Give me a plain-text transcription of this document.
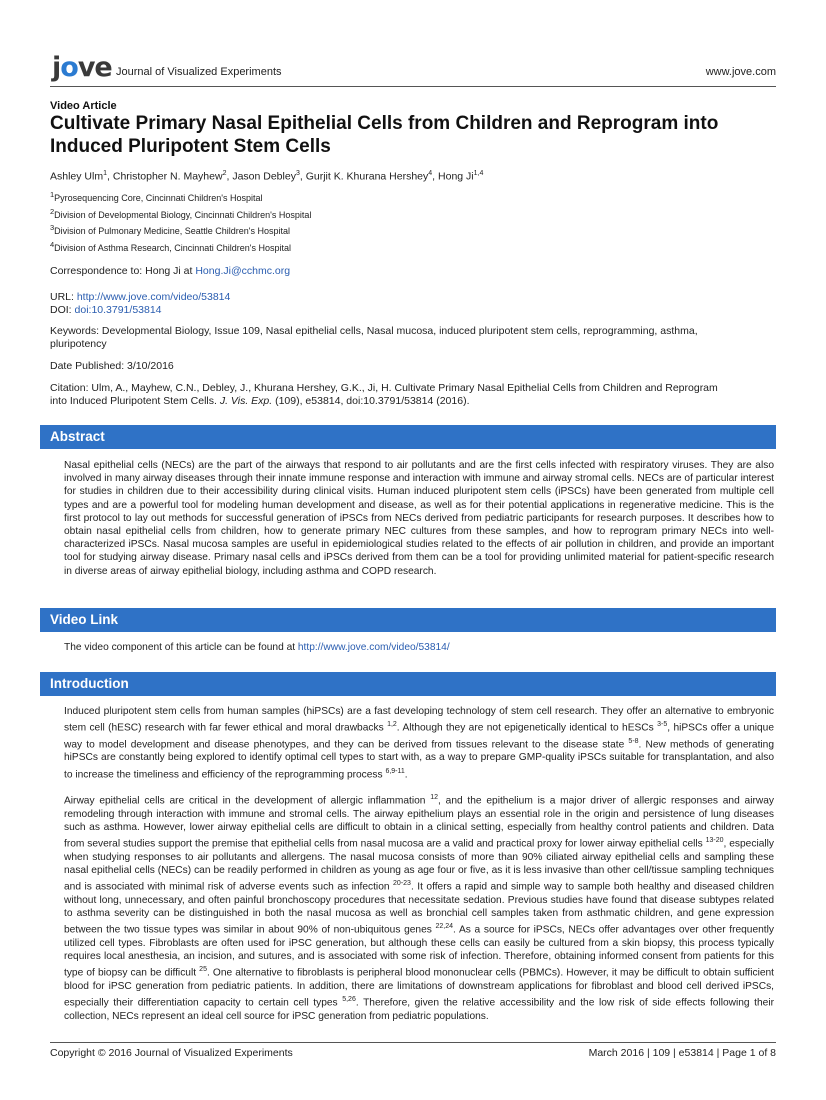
jove Journal of Visualized Experiments	www.jove.com
Video Article
Cultivate Primary Nasal Epithelial Cells from Children and Reprogram into Induced Pluripotent Stem Cells
Ashley Ulm$^1$, Christopher N. Mayhew$^2$, Jason Debley$^3$, Gurjit K. Khurana Hershey$^4$, Hong Ji$^{1,4}$
$^1$Pyrosequencing Core, Cincinnati Children's Hospital
$^2$Division of Developmental Biology, Cincinnati Children's Hospital
$^3$Division of Pulmonary Medicine, Seattle Children's Hospital
$^4$Division of Asthma Research, Cincinnati Children's Hospital
Correspondence to: Hong Ji at Hong.Ji@cchmc.org
URL: http://www.jove.com/video/53814
DOI: doi:10.3791/53814
Keywords: Developmental Biology, Issue 109, Nasal epithelial cells, Nasal mucosa, induced pluripotent stem cells, reprogramming, asthma,
pluripotency
Date Published: 3/10/2016
Citation: Ulm, A., Mayhew, C.N., Debley, J., Khurana Hershey, G.K., Ji, H. Cultivate Primary Nasal Epithelial Cells from Children and Reprogram
into Induced Pluripotent Stem Cells. J. Vis. Exp. (109), e53814, doi:10.3791/53814 (2016).
Abstract
Nasal epithelial cells (NECs) are the part of the airways that respond to air pollutants and are the first cells infected with respiratory viruses. They are also involved in many airway diseases through their innate immune response and interaction with immune and airway stromal cells. NECs are of particular interest for studies in children due to their accessibility during clinical visits. Human induced pluripotent stem cells (iPSCs) have been generated from multiple cell types and are a powerful tool for modeling human development and disease, as well as for their potential applications in regenerative medicine. This is the first protocol to lay out methods for successful generation of iPSCs from NECs derived from pediatric participants for research purposes. It describes how to obtain nasal epithelial cells from children, how to generate primary NEC cultures from these samples, and how to reprogram primary NECs into well-characterized iPSCs. Nasal mucosa samples are useful in epidemiological studies related to the effects of air pollution in children, and provide an important tool for studying airway disease. Primary nasal cells and iPSCs derived from them can be a tool for providing unlimited material for patient-specific research in diverse areas of airway epithelial biology, including asthma and COPD research.
Video Link
The video component of this article can be found at http://www.jove.com/video/53814/
Introduction

Induced pluripotent stem cells from human samples (hiPSCs) are a fast developing technology of stem cell research. They offer an alternative to embryonic stem cell (hESC) research with far fewer ethical and moral drawbacks $^{1,2}$. Although they are not epigenetically identical to hESCs $^{3-5}$, hiPSCs offer a unique way to model development and disease phenotypes, and they can be derived from tissues relevant to the disease state $^{5-8}$. New methods of generating hiPSCs are constantly being explored to identify optimal cell types to start with, as a way to prepare GMP-quality iPSCs suitable for transplantation, and also to increase the timeliness and efficiency of the reprogramming process $^{6,9-11}$.

Airway epithelial cells are critical in the development of allergic inflammation $^{12}$, and the epithelium is a major driver of allergic responses and airway remodeling through interaction with immune and stromal cells. The airway epithelium plays an essential role in the origin and persistence of lung diseases such as asthma. However, lower airway epithelial cells are difficult to obtain in a clinical setting, especially from healthy control patients and children. Data from several studies support the premise that epithelial cells from nasal mucosa are a valid and practical proxy for lower airway epithelial cells $^{13-20}$, especially when studying responses to air pollutants and allergens. The nasal mucosa consists of more than 90% ciliated airway epithelial cells and sampling these nasal epithelial cells (NECs) can be readily performed in children as young as age four or five, as it is less invasive than other cell/tissue sampling techniques and is associated with minimal risk of adverse events such as infection $^{20-23}$. It offers a rapid and simple way to sample both healthy and diseased children without long, unnecessary, and often painful bronchoscopy procedures that necessitate sedation. Previous studies have found that disease subtypes related to asthma severity can be distinguished in both the nasal mucosa as well as bronchial cell samples taken from asthmatic children, and gene expression between the two tissue types was similar in about 90% of non-ubiquitous genes $^{22,24}$. As a source for iPSCs, NECs offer advantages over other frequently utilized cell types. Fibroblasts are often used for iPSC generation, but although these cells can easily be cultured from a skin biopsy, this process typically requires local anesthesia, an incision, and sutures, and is associated with some risk of infection. Therefore, obtaining informed consent from patients for this type of biopsy can be difficult $^{25}$. One alternative to fibroblasts is peripheral blood mononuclear cells (PBMCs). However, it may be difficult to obtain sufficient blood for iPSC generation from pediatric patients. In addition, there are limitations of downstream applications for fibroblast and blood cell derived iPSCs, especially their differentiation capacity to certain cell types $^{5,26}$. Therefore, given the relative accessibility and the low risk of side effects following their collection, NECs represent an ideal cell source for iPSC generation from pediatric populations.

Copyright © 2016 Journal of Visualized Experiments	March 2016 | 109 | e53814 | Page 1 of 8
